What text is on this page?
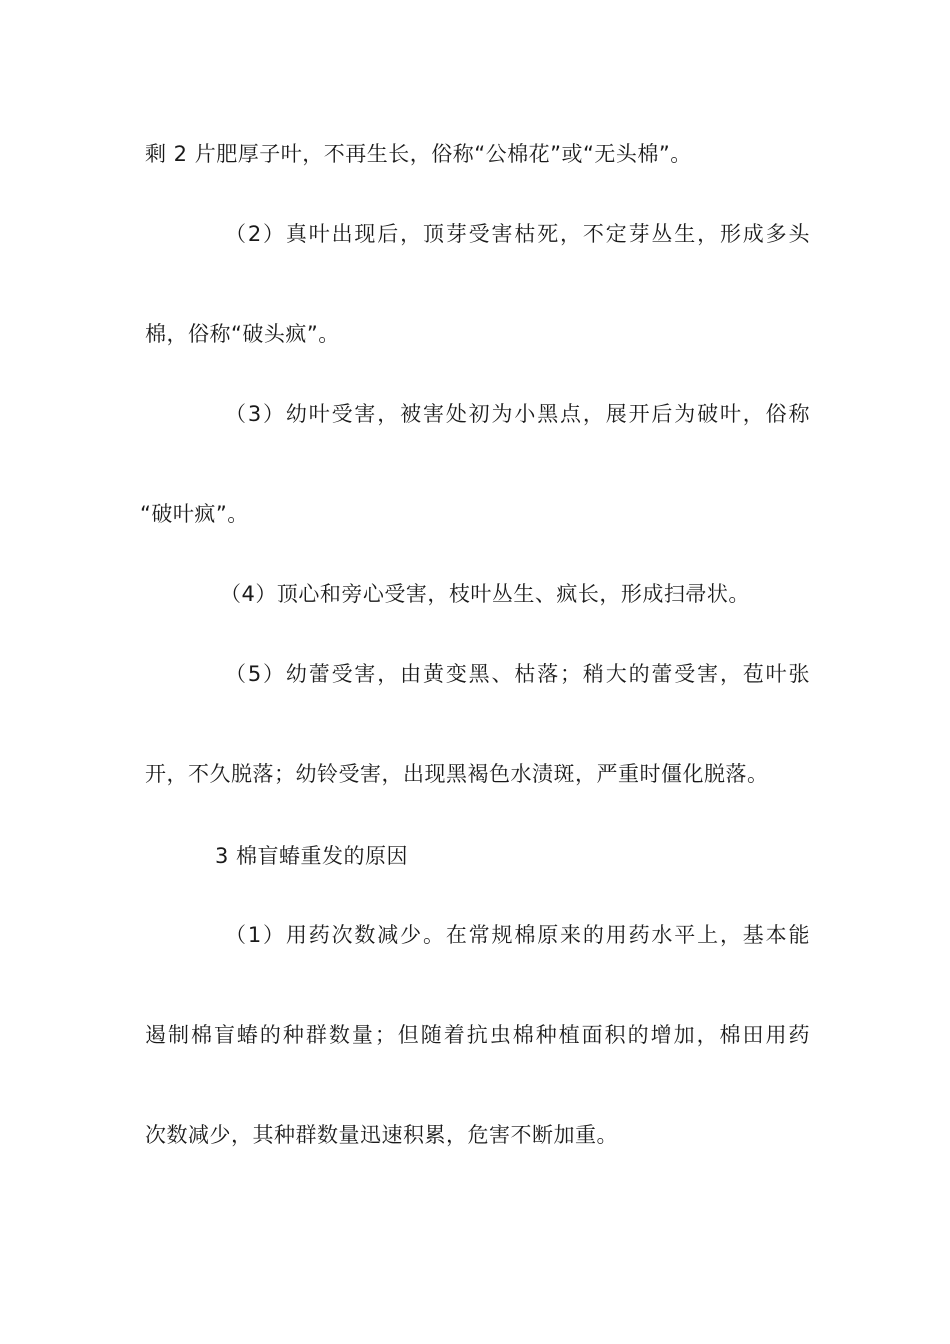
剩 2 片肥厚子叶，不再生长，俗称“公棉花”或“无头棉”。
（2）真叶出现后，顶芽受害枯死，不定芽丛生，形成多头
棉，俗称“破头疯”。
（3）幼叶受害，被害处初为小黑点，展开后为破叶，俗称
“破叶疯”。
（4）顶心和旁心受害，枝叶丛生、疯长，形成扫帚状。
（5）幼蕾受害，由黄变黑、枯落；稍大的蕾受害，苞叶张
开，不久脱落；幼铃受害，出现黑褐色水渍斑，严重时僵化脱落。
3 棉盲蝽重发的原因
（1）用药次数减少。在常规棉原来的用药水平上，基本能
遏制棉盲蝽的种群数量；但随着抗虫棉种植面积的增加，棉田用药
次数减少，其种群数量迅速积累，危害不断加重。
